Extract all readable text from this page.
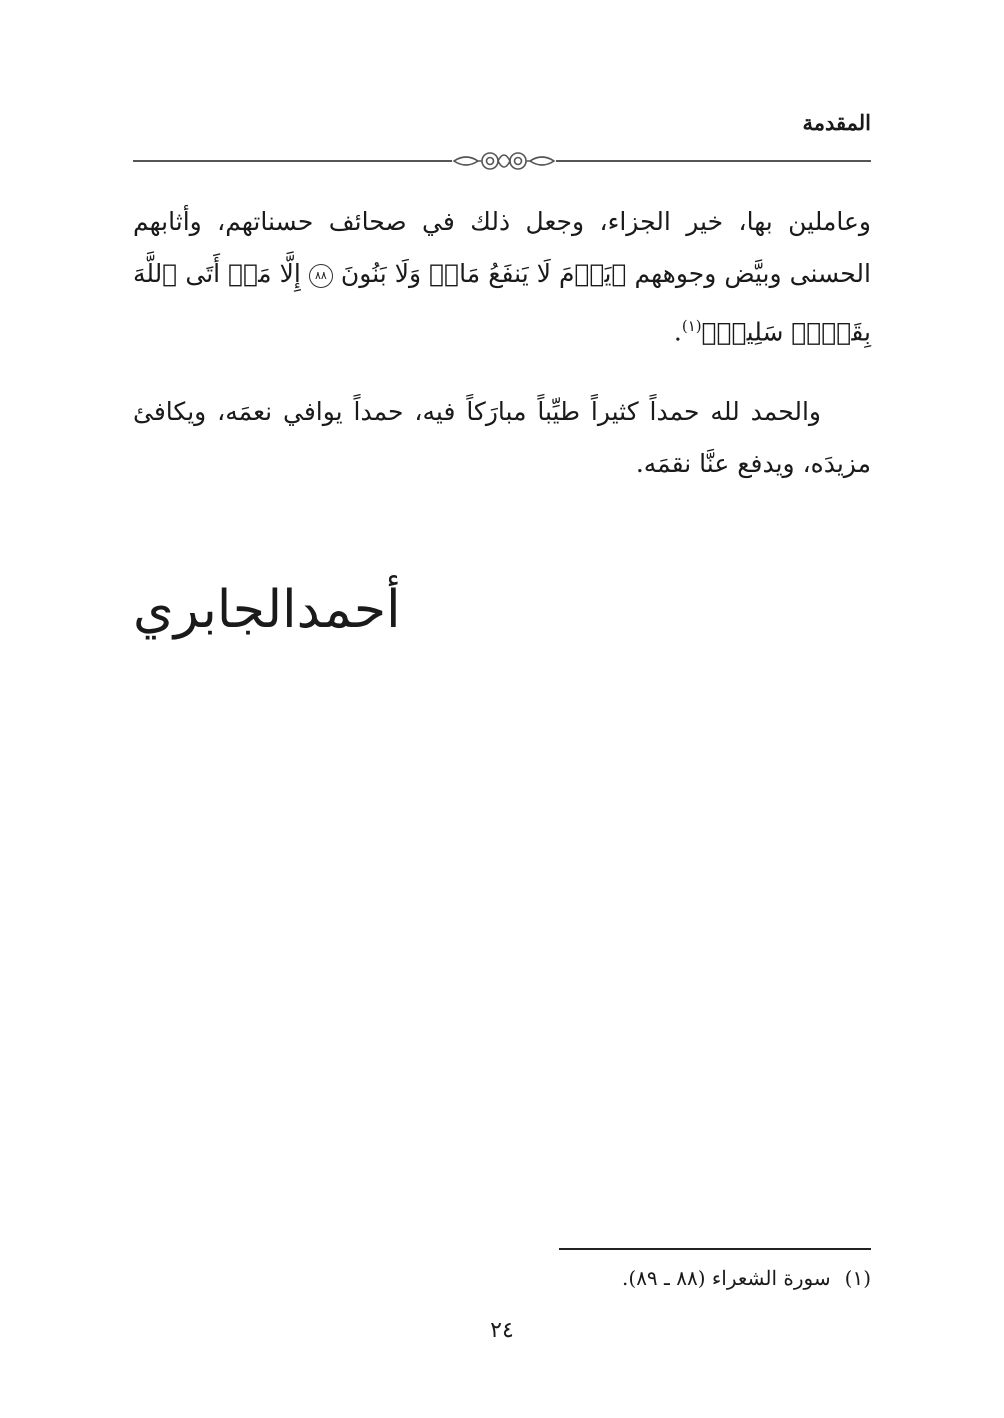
المقدمة
وعاملين بها، خير الجزاء، وجعل ذلك في صحائف حسناتهم، وأثابهم الحسنى وبيَّض وجوههم ﴿يَوۡمَ لَا يَنفَعُ مَالٞ وَلَا بَنُونَ ٨٨ إِلَّا مَنۡ أَتَى ٱللَّهَ بِقَلۡبٖ سَلِيمٖ﴾$^{(١)}$.
والحمد لله حمداً كثيراً طيِّباً مبارَكاً فيه، حمداً يوافي نعمَه، ويكافئ مزيدَه، ويدفع عنَّا نقمَه.
أحمدالجابري
(١)سورة الشعراء (٨٨ ـ ٨٩).
٢٤
